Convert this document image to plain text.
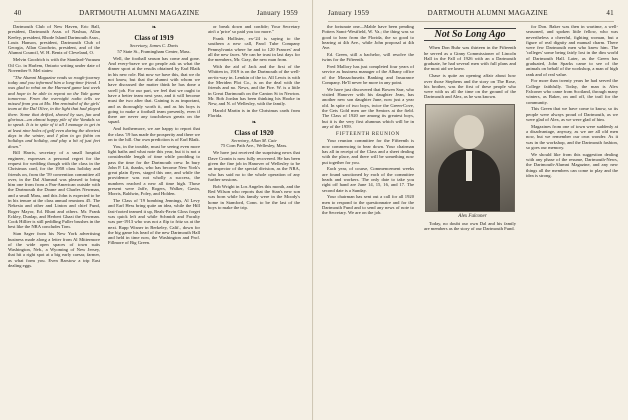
40	DARTMOUTH ALUMNI MAGAZINE	January 1959

Dartmouth Club of New Haven, Eric Ball, president, Dartmouth Assn. of Nashua, Allan Keeley, president, Rhode Island Dartmouth Assn., Louis Hanson, president, Dartmouth Club of Georgia, Allan Goodwin, president, and of the Alumni Council, W. H. Bentz of Cleveland, O.

Melvin Goodrich is with the Standard-Vacuum Oil Co. in Harlem, Ontario writing under date of November 9. Mel states:

"The Alumni Magazine reads so rough-journey today and you informed him a long-time friend. I was glad to rebut on the Harvard game last week and hope to be able to repeat on the Yale game tomorrow. From the overnight radio tells we missed from you at Mo. Hm reminded of the girls' team at the Dal Olive, in the light that had played there. Some that drifted, shoved by sun, fun and glorious—an almost happy pile of the Vandals so to speak. It is in spite of it all I manage to get in at least nine holes of golf even during the shortest days in the winter, and I plan to go fishin on holidays and holiday, and play a bit of just feet down."

Bill Harris, secretary of a small hospital engineer, expresses a personal regret for the request for wedding though with the class in the Christmas card, for the 1958 class holiday and friends on, from the '59 convention committee all over, in the Dal Alumnal was pleased to bring him one from from a Pan-American outside with the Dartmouth the Doane and Charles Newman, and a small Mass, and this John is expected to be in his tenure at the class annual reunions 45. The Nekesia and other and Linton and chief Fund, Roger Mayor, Ed. Blunt and others. Mr. Frank Eckley, Dunlap, and Herbert Ghazi the Newman. Cook Hillier is still peddling Fuller brushes in the best like the NRA concludes Tom.

Stan Sager from his New York advertising business made along a letter from Al Mittermore of the wide open spaces of town suits Washington, Neb., a Wyoming of New Jersey, that hit a right spot at a big early caesar, farmer, as what form you. Even Barstow a trip East dealing eggs.

❧
Class of 1919

Secretary, James C. Davis

57 State St., Framingham Center, Mass.

Well, the football season has come and gone. And every-brave we go people ask us what the dinner sport at the results obtained by Earl Blaik in his new role. But now we have this, that we do not know, but that the alumni with whom we have discussed the matter think he has done a swell job. For our part, we feel that we ought to have a better team next year, and it will become must the two after that. Gaining is as important, and as thoroughly worth it, and as his boys is going to make a football team presently, even if there are never any touchdown greats on the squad.

And furthermore, we are happy to report that the class '19 has made the prosperity and there we on to the hill. Our own prediction is of Earl Blaik.

You, in the trouble, must be seeing even more light baths and what note this year, but it is not a considerable length of time while prodding to pass the time for the Dartmouth crew. In bury John P. Lit, thanks, who has become New York's great plain flyers, staged this one, and while the providence was not wholly a success, the numbers reached a new all time high. Those present were Jaffe, Rogers, Walker, Gavin, Morris, Baldwin, Foley, and Holden.

The Class of '19 bombing Jennings, Al Levy and Earl Hess bring quite an idea, while the Hill fast-footed teamed it up, Beals-Pavin Gloss forget was quick left and while Schmidt and Faculty was pre-1913 who was not a flip to fritz us at the next. Rapp Wisner in Berkeley, Calif., down for the big game his head of the new Dartmouth Hall and held in time now, the Washington and Prof. Fillmore of Big Green.

or break down and confide; Your Secretary ain't a 'price' so paid you too more."

Frank Hollister, ex-'24 is saying to the southern a new call, Parol Tube Company Pennsylvania where he and to 120 Frances' and all the new faces. We can be trust in last days for the members, Mr. Gray, the new man from.

With the aid of Jack and the first of the Whitten in, 1919 is on the Dartmouth of the well-on-its-way in. Lemkin of the to. All Lewis is with the Meriden Plot Co., is on the deal with the friends and no. News, and the Fire. W. is a little in Great Dartmouth on the Canton St in Newton. Mr. Bob Jordan has been thinking his Hooke in New, and N. of Wellesley, with the family.

Harold Martin is in the Christmas cards from Florida.

❧
Class of 1920

Secretary, Allan M. Cate

75 Corn Path Ave., Wellesley, Mass.

We have just received the surprising news that Dave Cronin is now fully recovered. He has been given the fine job in Hanover of Wellesley to be an inspector of the special division, as the NRA, who has said no to the whole operation of any further sessions.

Bob Wright in Los Angeles this month, and the Red Wilson who reports that the Stan's new son was born while his family were in the Moody's home in Stamford, Conn. to be the last of the boys to make the trip.

January 1959	DARTMOUTH ALUMNI MAGAZINE	41

the fortunate one—Mable have been pending Potters Sanct-Westfield, W. Va.; the thing was so good to hear from the Florida, the so good to hearing at 4th Ave., while John proposal at 4th Ave.

Ed. Green, still a bachelor, will resolve the twins for the Fifteenth.

Fred Mallory has just completed four years of service as business manager of the Albany office of the Massachusetts Banking and Insurance Company. He'll never be more in any point.

We have just discovered that Bowen Sarr, who visited Hanover with his daughter Jean, has another new son daughter June, now just a year old. In spite of two boys, twice the Green-Cove, the Gets Gold men are the Seniors at the field. The Class of 1920 are among its greatest boys, but it is the very first alumnus which will be in any of the 1959.

FIFTEENTH REUNION

Your reunion committee for the Fifteenth is now commencing to bear down. Your chairman has all in receipt of the Class and a sheet dealing with the place, and there will be something now put together for you.

Each year, of course, Commencement weeks are found sanctioned by each of the committee heads and workers. The only date to take you right off hand are June 14, 15, 16, and 17. The second date is a Sunday.

Your chairman has sent out a call for all 1920 men to respond to the questionnaire and for the Dartmouth Fund and to send any news of note to the Secretary. We are on the job.

Not So Long Ago

When Don Buhr was thirteen in the Fifteenth he served as a Ginny Commissioner of Lincoln Hall in the Fall of 1926 with an a Dartmouth graduate, he had several men with full plans and the most aid we knew.

Chase is quite an opening affair about how over those Stephens and the story on The Rose, his brother, was the first of these people who were with us all the time on the ground of the Dartmouth and Alex, as he was known.

Alex Falconer

Today, no doubt our own Dal and his family are members as the story of our Dartmouth Fund.

for Don. Baker was then in wartime, a well-seasoned, and spoken little fellow, who was nevertheless a cheerful, fighting woman, but a figure of real dignity and manual charm. There were few Dartmouth men who knew him. The 'colleges' some being fairly lost in the dim world of Dartmouth Hall. Later, as the Green has graduated, John Sparks came to see of the animals on behalf of the workshop, a man of high rank and of real value.

For more than twenty years he had served the College faithfully. Today, the man is Alex Falconer who came from Scotland, through many winters, as Baker, on and off, the trail for the community.

This Green that we have come to know, so its people were always proud of Dartmouth, as we were glad of Alex, as we were glad of him.

Magazines from one of town were suddenly at a disadvantage, anyway, as we are all old men now, but we remember our own wonder. As it was in the workshop, and the Dartmouth fashion, so goes our memory.

We should like from this suggestion dealing with any phase of the resume, Dartmouth-News, the Dartmouth-Alumni Magazine, and any new things all the members can come to play and the idea is strong.
